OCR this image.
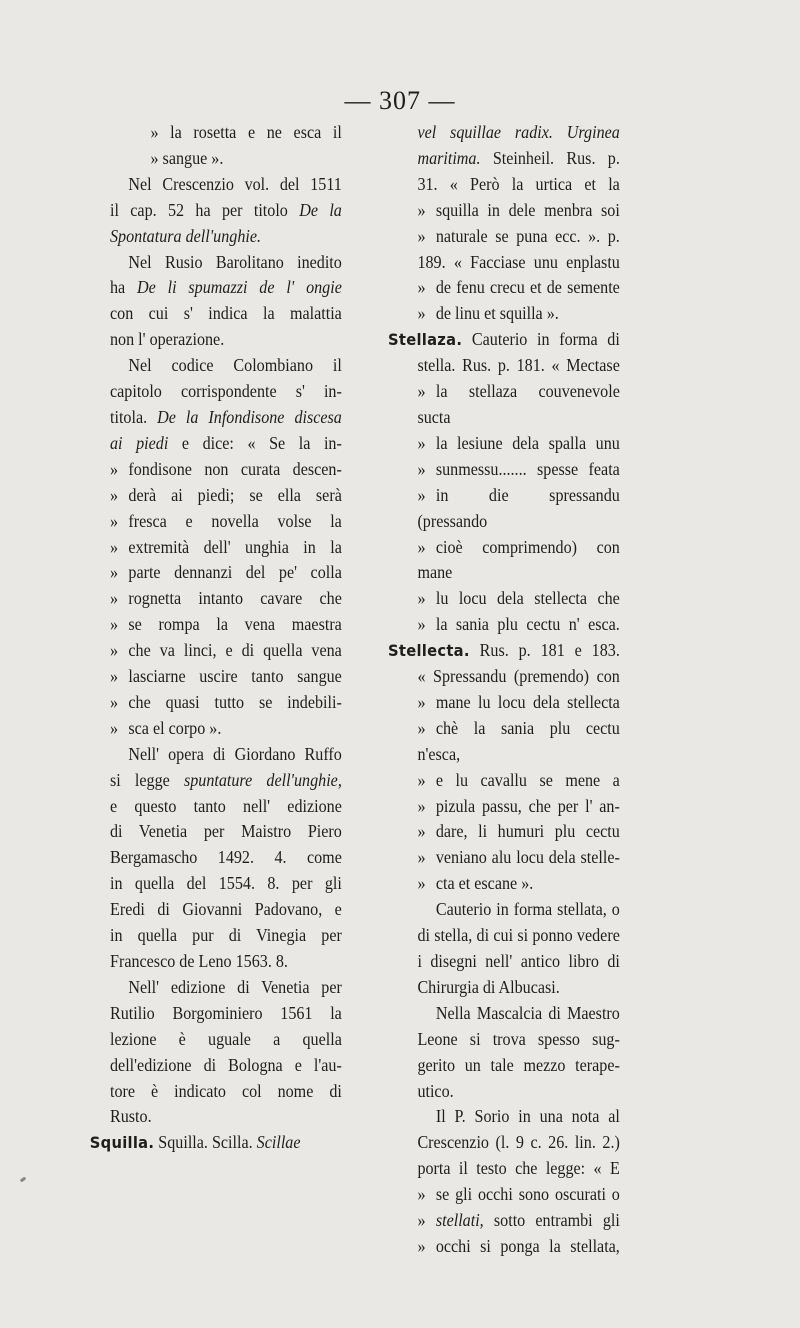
— 307 —
» la rosetta e ne esca il
» sangue ».
Nel Crescenzio vol. del 1511
il cap. 52 ha per titolo De la
Spontatura dell'unghie.
Nel Rusio Barolitano inedito
ha De li spumazzi de l' ongie
con cui s' indica la malattia
non l' operazione.
Nel codice Colombiano il
capitolo corrispondente s' in-
titola. De la Infondisone discesa
ai piedi e dice: « Se la in-
» fondisone non curata descen-
» derà ai piedi; se ella serà
» fresca e novella volse la
» extremità dell' unghia in la
» parte dennanzi del pe' colla
» rognetta intanto cavare che
» se rompa la vena maestra
» che va linci, e di quella vena
» lasciarne uscire tanto sangue
» che quasi tutto se indebili-
» sca el corpo ».
Nell' opera di Giordano Ruffo
si legge spuntature dell'unghie,
e questo tanto nell' edizione
di Venetia per Maistro Piero
Bergamascho 1492. 4. come
in quella del 1554. 8. per gli
Eredi di Giovanni Padovano, e
in quella pur di Vinegia per
Francesco de Leno 1563. 8.
Nell' edizione di Venetia per
Rutilio Borgominiero 1561 la
lezione è uguale a quella
dell'edizione di Bologna e l'au-
tore è indicato col nome di
Rusto.
Squilla. Squilla. Scilla. Scillae
vel squillae radix. Urginea
maritima. Steinheil. Rus. p.
31. « Però la urtica et la
» squilla in dele menbra soi
» naturale se puna ecc. ». p.
189. « Facciase unu enplastu
» de fenu crecu et de semente
» de linu et squilla ».
Stellaza. Cauterio in forma di
stella. Rus. p. 181. « Mectase
» la stellaza couvenevole sucta
» la lesiune dela spalla unu
» sunmessu....... spesse feata
» in die spressandu (pressando
» cioè comprimendo) con mane
» lu locu dela stellecta che
» la sania plu cectu n' esca.
Stellecta. Rus. p. 181 e 183.
« Spressandu (premendo) con
» mane lu locu dela stellecta
» chè la sania plu cectu n'esca,
» e lu cavallu se mene a
» pizula passu, che per l' an-
» dare, li humuri plu cectu
» veniano alu locu dela stelle-
» cta et escane ».
Cauterio in forma stellata, o
di stella, di cui si ponno vedere
i disegni nell' antico libro di
Chirurgia di Albucasi.
Nella Mascalcia di Maestro
Leone si trova spesso sug-
gerito un tale mezzo terape-
utico.
Il P. Sorio in una nota al
Crescenzio (l. 9 c. 26. lin. 2.)
porta il testo che legge: « E
» se gli occhi sono oscurati o
» stellati, sotto entrambi gli
» occhi si ponga la stellata,
